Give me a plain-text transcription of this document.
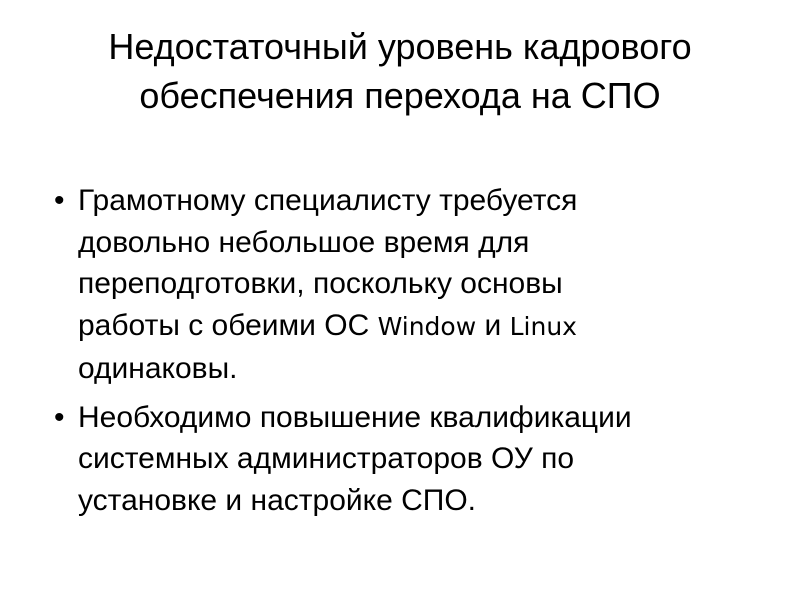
Недостаточный уровень кадрового
обеспечения перехода на СПО
• Грамотному специалисту требуется
довольно небольшое время для
переподготовки, поскольку основы
работы с обеими ОС Window и Linux
одинаковы.
• Необходимо повышение квалификации
системных администраторов ОУ по
установке и настройке СПО.
